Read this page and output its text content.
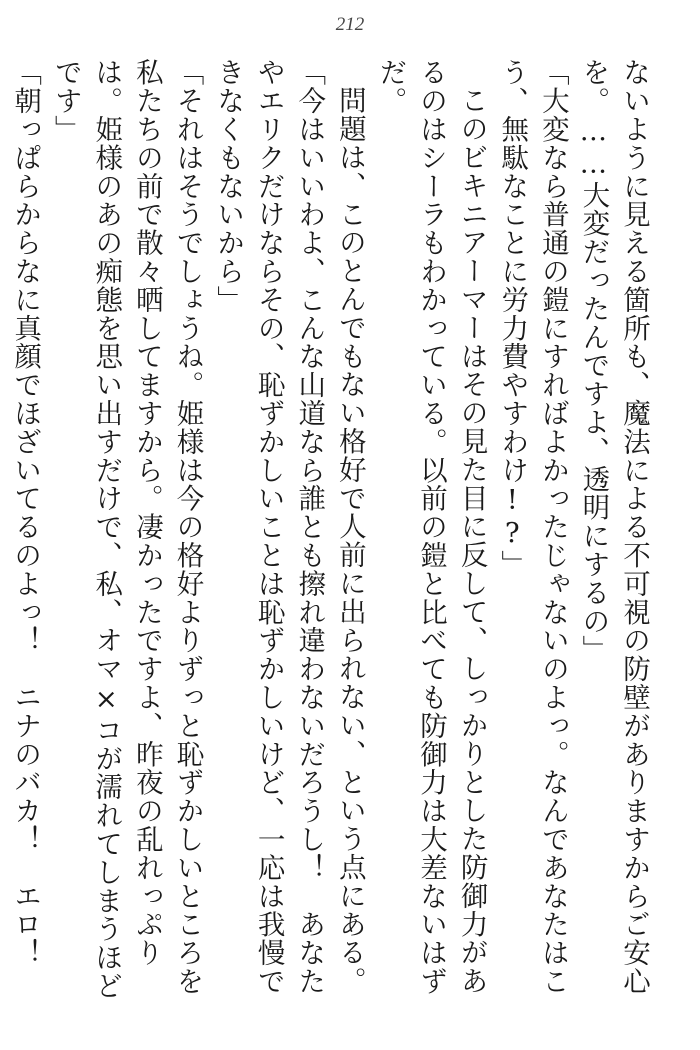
212

ないように見える箇所も、魔法による不可視の防壁がありますからご安心を。……大変だったんですよ、透明にするの」

「大変なら普通の鎧にすればよかったじゃないのよっ。なんであなたはこう、無駄なことに労力費やすわけ!?」

このビキニアーマーはその見た目に反して、しっかりとした防御力があるのはシーラもわかっている。以前の鎧と比べても防御力は大差ないはずだ。

問題は、このとんでもない格好で人前に出られない、という点にある。

「今はいいわよ、こんな山道なら誰とも擦れ違わないだろうし！　あなたやエリクだけならその、恥ずかしいことは恥ずかしいけど、一応は我慢できなくもないから」

「それはそうでしょうね。姫様は今の格好よりずっと恥ずかしいところを私たちの前で散々晒してますから。凄かったですよ、昨夜の乱れっぷりは。姫様のあの痴態を思い出すだけで、私、オマ×コが濡れてしまうほどです」

「朝っぱらからなに真顔でほざいてるのよっ！　ニナのバカ！　エロ！　　
